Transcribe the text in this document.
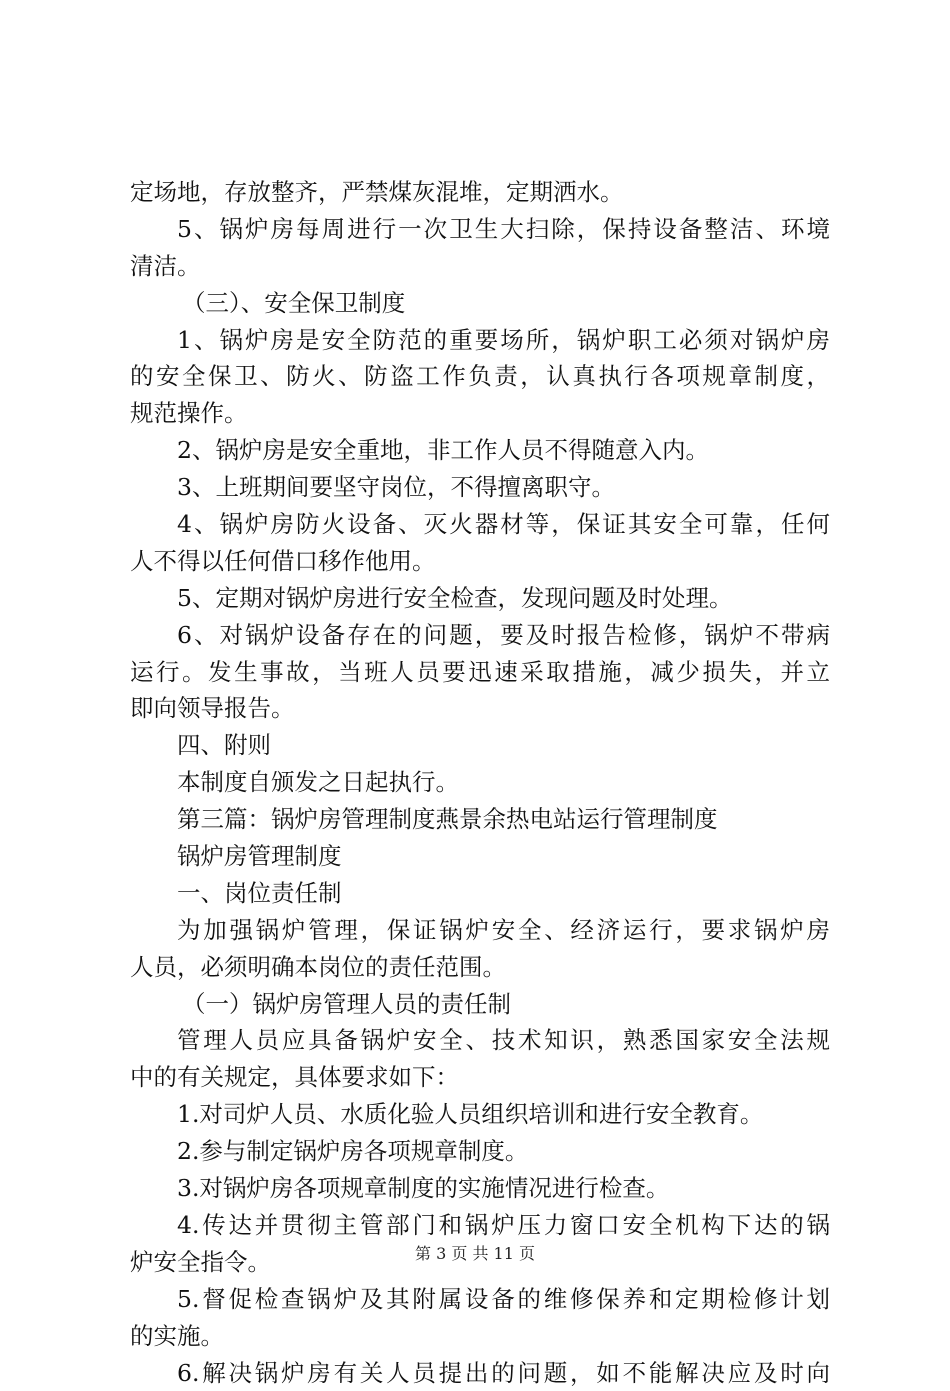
定场地，存放整齐，严禁煤灰混堆，定期洒水。
5、锅炉房每周进行一次卫生大扫除，保持设备整洁、环境
清洁。
（三）、安全保卫制度
1、锅炉房是安全防范的重要场所，锅炉职工必须对锅炉房
的安全保卫、防火、防盗工作负责，认真执行各项规章制度，
规范操作。
2、锅炉房是安全重地，非工作人员不得随意入内。
3、上班期间要坚守岗位，不得擅离职守。
4、锅炉房防火设备、灭火器材等，保证其安全可靠，任何
人不得以任何借口移作他用。
5、定期对锅炉房进行安全检查，发现问题及时处理。
6、对锅炉设备存在的问题，要及时报告检修，锅炉不带病
运行。发生事故，当班人员要迅速采取措施，减少损失，并立
即向领导报告。
四、附则
本制度自颁发之日起执行。
第三篇：锅炉房管理制度燕景余热电站运行管理制度
锅炉房管理制度
一、岗位责任制
为加强锅炉管理，保证锅炉安全、经济运行，要求锅炉房
人员，必须明确本岗位的责任范围。
（一）锅炉房管理人员的责任制
管理人员应具备锅炉安全、技术知识，熟悉国家安全法规
中的有关规定，具体要求如下：
1.对司炉人员、水质化验人员组织培训和进行安全教育。
2.参与制定锅炉房各项规章制度。
3.对锅炉房各项规章制度的实施情况进行检查。
4.传达并贯彻主管部门和锅炉压力窗口安全机构下达的锅
炉安全指令。
5.督促检查锅炉及其附属设备的维修保养和定期检修计划
的实施。
6.解决锅炉房有关人员提出的问题，如不能解决应及时向
第 3 页 共 11 页
